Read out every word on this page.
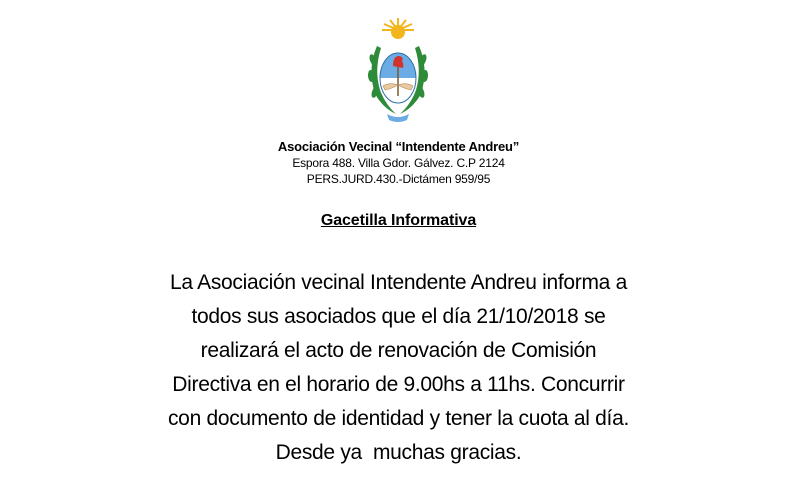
Asociación Vecinal “Intendente Andreu”
Espora 488. Villa Gdor. Gálvez. C.P 2124
PERS.JURD.430.-Dictámen 959/95
Gacetilla Informativa
La Asociación vecinal Intendente Andreu informa a
todos sus asociados que el día 21/10/2018 se
realizará el acto de renovación de Comisión
Directiva en el horario de 9.00hs a 11hs. Concurrir
con documento de identidad y tener la cuota al día.
Desde ya  muchas gracias.
